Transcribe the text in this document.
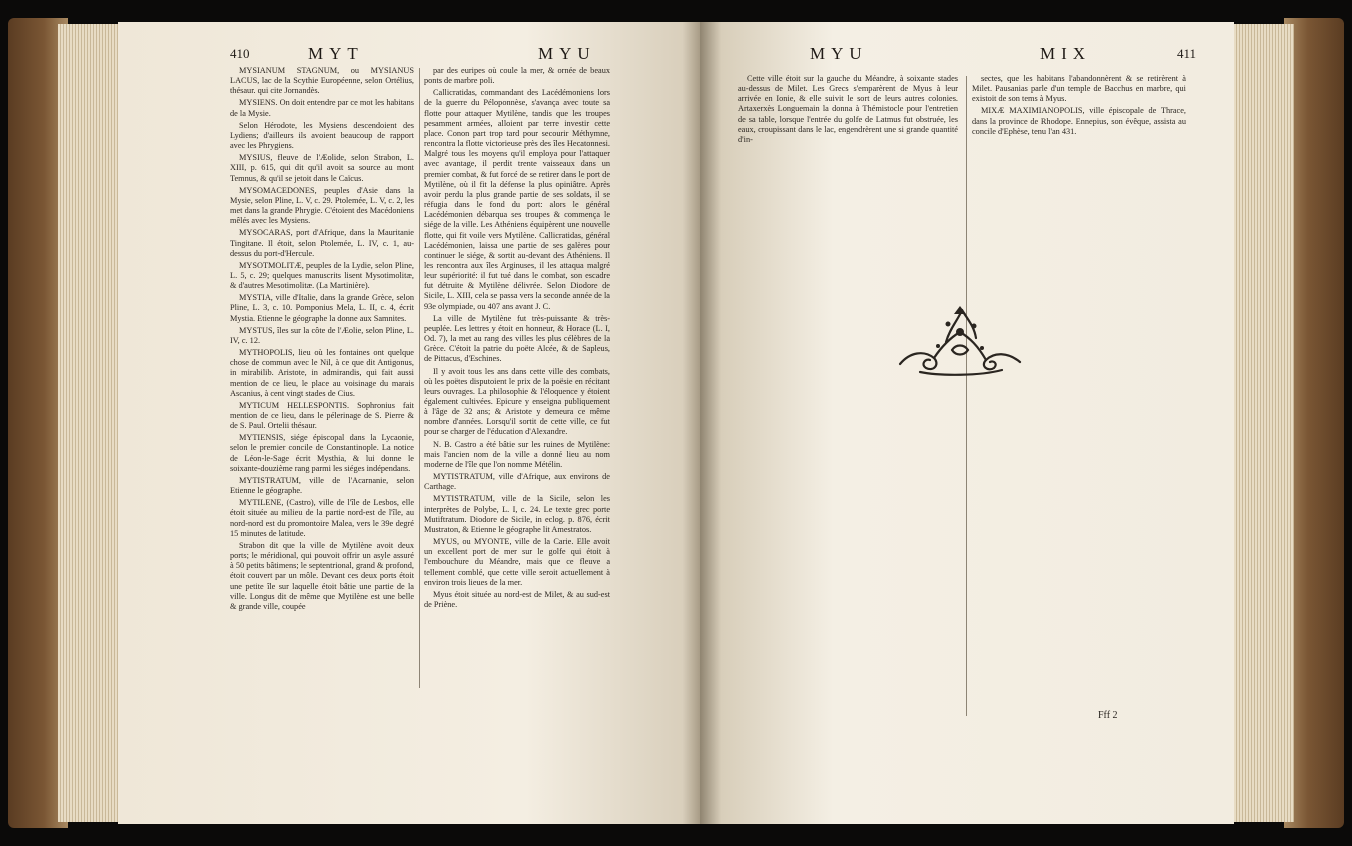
410	MYT	MYU

MYSIANUM STAGNUM, ou MYSIANUS LACUS, lac de la Scythie Européenne, selon Ortélius, thésaur. qui cite Jornandès.

MYSIENS. On doit entendre par ce mot les habitans de la Mysie.

Selon Hérodote, les Mysiens descendoient des Lydiens; d'ailleurs ils avoient beaucoup de rapport avec les Phrygiens.

MYSIUS, fleuve de l'Æolide, selon Strabon, L. XIII, p. 615, qui dit qu'il avoit sa source au mont Temnus, & qu'il se jetoit dans le Caïcus.

MYSOMACEDONES, peuples d'Asie dans la Mysie, selon Pline, L. V, c. 29. Ptolemée, L. V, c. 2, les met dans la grande Phrygie. C'étoient des Macédoniens mêlés avec les Mysiens.

MYSOCARAS, port d'Afrique, dans la Mauritanie Tingitane. Il étoit, selon Ptolemée, L. IV, c. 1, au-dessus du port-d'Hercule.

MYSOTMOLITÆ, peuples de la Lydie, selon Pline, L. 5, c. 29; quelques manuscrits lisent Mysotimolitæ, & d'autres Mesotimolitæ. (La Martinière).

MYSTIA, ville d'Italie, dans la grande Grèce, selon Pline, L. 3, c. 10. Pomponius Mela, L. II, c. 4, écrit Mystia. Etienne le géographe la donne aux Samnites.

MYSTUS, îles sur la côte de l'Æolie, selon Pline, L. IV, c. 12.

MYTHOPOLIS, lieu où les fontaines ont quelque chose de commun avec le Nil, à ce que dit Antigonus, in mirabilib. Aristote, in admirandis, qui fait aussi mention de ce lieu, le place au voisinage du marais Ascanius, à cent vingt stades de Cius.

MYTICUM HELLESPONTIS. Sophronius fait mention de ce lieu, dans le pélerinage de S. Pierre & de S. Paul. Ortelii thésaur.

MYTIENSIS, siége épiscopal dans la Lycaonie, selon le premier concile de Constantinople. La notice de Léon-le-Sage écrit Mysthia, & lui donne le soixante-douzième rang parmi les siéges indépendans.

MYTISTRATUM, ville de l'Acarnanie, selon Etienne le géographe.

MYTILENE, (Castro), ville de l'île de Lesbos, elle étoit située au milieu de la partie nord-est de l'île, au nord-nord est du promontoire Malea, vers le 39e degré 15 minutes de latitude.

Strabon dit que la ville de Mytilène avoit deux ports; le méridional, qui pouvoit offrir un asyle assuré à 50 petits bâtimens; le septentrional, grand & profond, étoit couvert par un môle. Devant ces deux ports étoit une petite île sur laquelle étoit bâtie une partie de la ville. Longus dit de même que Mytilène est une belle & grande ville, coupée

par des euripes où coule la mer, & ornée de beaux ponts de marbre poli.

Callicratidas, commandant des Lacédémoniens lors de la guerre du Péloponnèse, s'avança avec toute sa flotte pour attaquer Mytilène, tandis que les troupes pesamment armées, alloient par terre investir cette place. Conon part trop tard pour secourir Méthymne, rencontra la flotte victorieuse près des îles Hecatonnesi. Malgré tous les moyens qu'il employa pour l'attaquer avec avantage, il perdit trente vaisseaux dans un premier combat, & fut forcé de se retirer dans le port de Mytilène, où il fit la défense la plus opiniâtre. Après avoir perdu la plus grande partie de ses soldats, il se réfugia dans le fond du port: alors le général Lacédémonien débarqua ses troupes & commença le siége de la ville. Les Athéniens équipèrent une nouvelle flotte, qui fit voile vers Mytilène. Callicratidas, général Lacédémonien, laissa une partie de ses galères pour continuer le siége, & sortit au-devant des Athéniens. Il les rencontra aux îles Arginuses, il les attaqua malgré leur supériorité: il fut tué dans le combat, son escadre fut détruite & Mytilène délivrée. Selon Diodore de Sicile, L. XIII, cela se passa vers la seconde année de la 93e olympiade, ou 407 ans avant J. C.

La ville de Mytilène fut très-puissante & très-peuplée. Les lettres y étoit en honneur, & Horace (L. I, Od. 7), la met au rang des villes les plus célèbres de la Grèce. C'étoit la patrie du poëte Alcée, & de Sapleus, de Pittacus, d'Eschines.

Il y avoit tous les ans dans cette ville des combats, où les poëtes disputoient le prix de la poësie en récitant leurs ouvrages. La philosophie & l'éloquence y étoient également cultivées. Epicure y enseigna publiquement à l'âge de 32 ans; & Aristote y demeura ce même nombre d'années. Lorsqu'il sortit de cette ville, ce fut pour se charger de l'éducation d'Alexandre.

N. B. Castro a été bâtie sur les ruines de Mytilène: mais l'ancien nom de la ville a donné lieu au nom moderne de l'île que l'on nomme Métélin.

MYTISTRATUM, ville d'Afrique, aux environs de Carthage.

MYTISTRATUM, ville de la Sicile, selon les interprètes de Polybe, L. I, c. 24. Le texte grec porte Mutiftratum. Diodore de Sicile, in eclog. p. 876, écrit Mustraton, & Etienne le géographe lit Amestratos.

MYUS, ou MYONTE, ville de la Carie. Elle avoit un excellent port de mer sur le golfe qui étoit à l'embouchure du Méandre, mais que ce fleuve a tellement comblé, que cette ville seroit actuellement à environ trois lieues de la mer.

Myus étoit située au nord-est de Milet, & au sud-est de Priène.

MYU	MIX	411

Cette ville étoit sur la gauche du Méandre, à soixante stades au-dessus de Milet. Les Grecs s'emparèrent de Myus à leur arrivée en Ionie, & elle suivit le sort de leurs autres colonies. Artaxerxès Longuemain la donna à Thémistocle pour l'entretien de sa table, lorsque l'entrée du golfe de Latmus fut obstruée, les eaux, croupissant dans le lac, engendrèrent une si grande quantité d'in-

sectes, que les habitans l'abandonnèrent & se retirèrent à Milet. Pausanias parle d'un temple de Bacchus en marbre, qui existoit de son tems à Myus.

MIXÆ MAXIMIANOPOLIS, ville épiscopale de Thrace, dans la province de Rhodope. Ennepius, son évêque, assista au concile d'Ephèse, tenu l'an 431.

Fff 2
